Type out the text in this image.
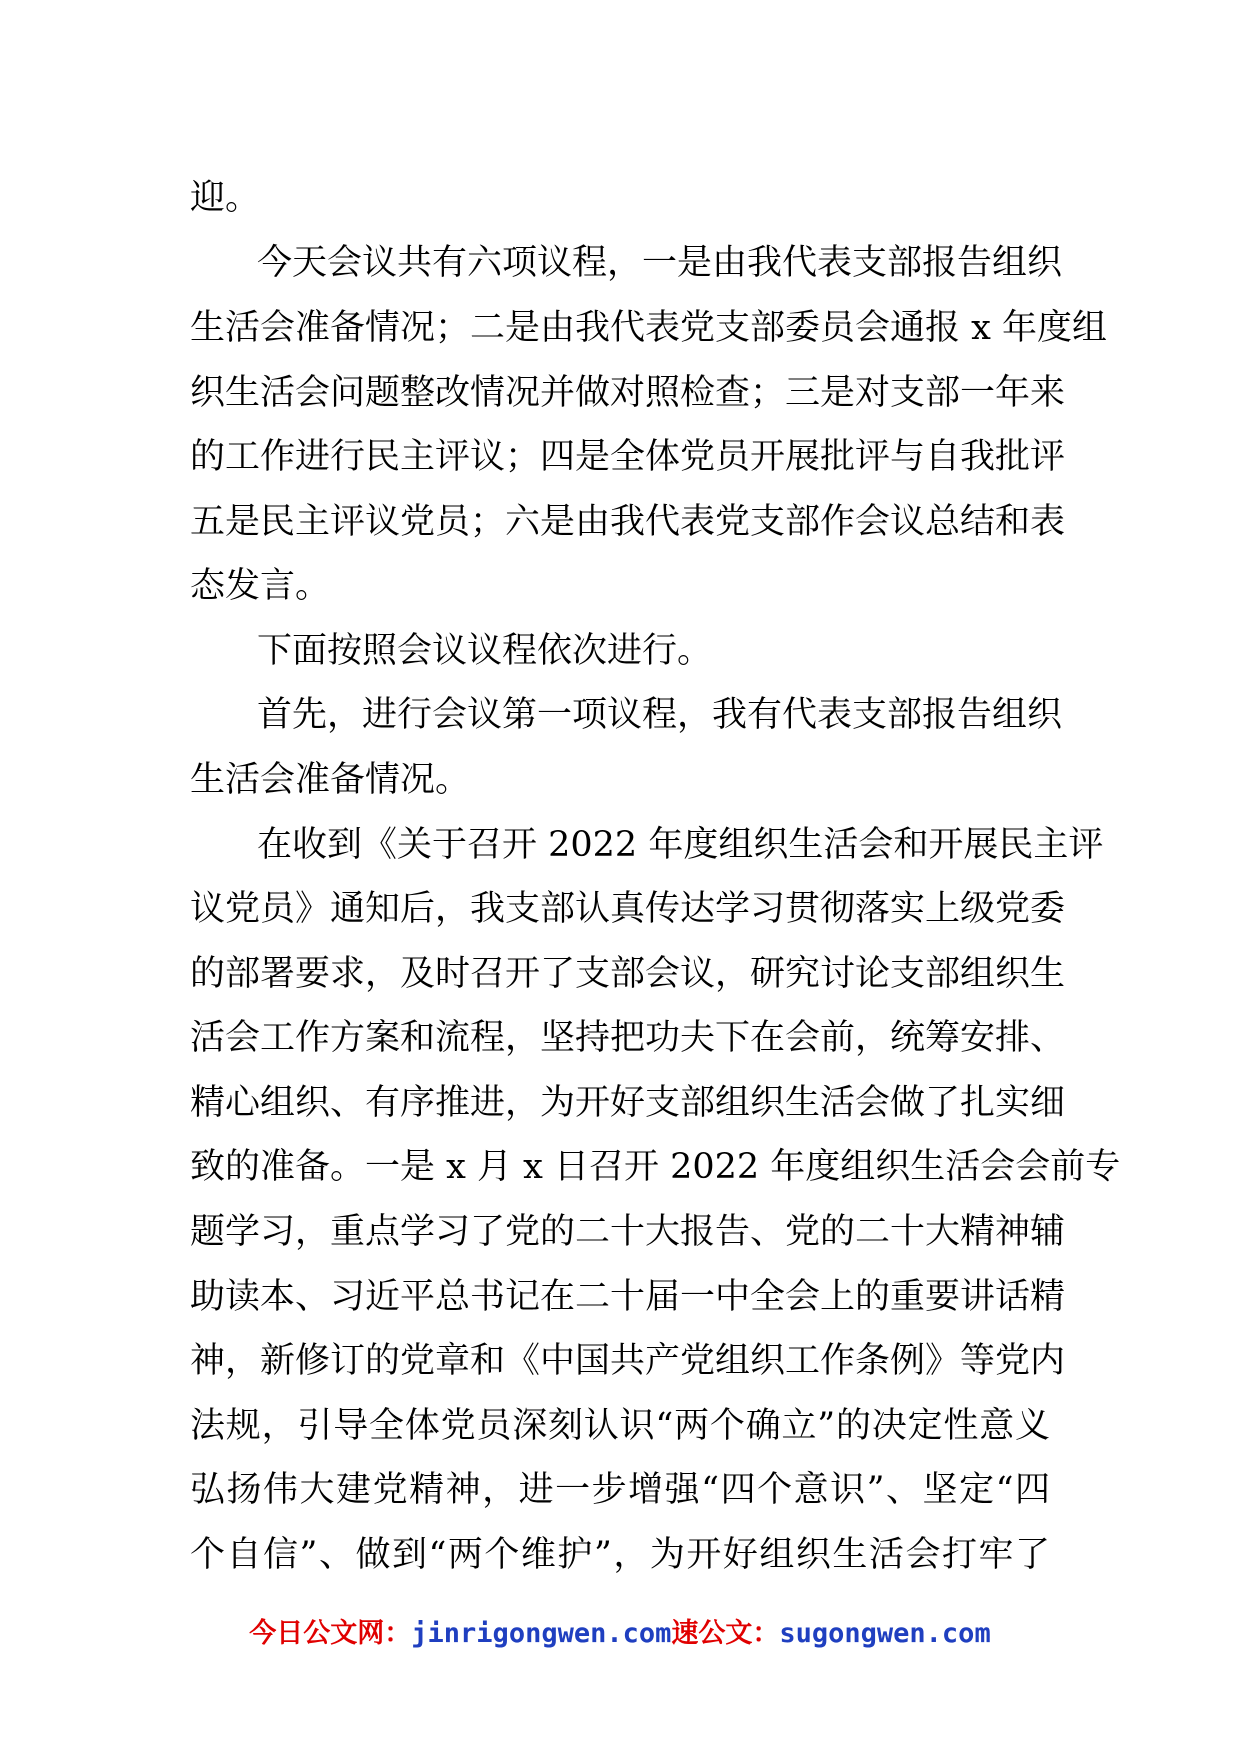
迎。
今天会议共有六项议程，一是由我代表支部报告组织
生活会准备情况；二是由我代表党支部委员会通报 x 年度组
织生活会问题整改情况并做对照检查；三是对支部一年来
的工作进行民主评议；四是全体党员开展批评与自我批评
五是民主评议党员；六是由我代表党支部作会议总结和表
态发言。
下面按照会议议程依次进行。
首先，进行会议第一项议程，我有代表支部报告组织
生活会准备情况。
在收到《关于召开 2022 年度组织生活会和开展民主评
议党员》通知后，我支部认真传达学习贯彻落实上级党委
的部署要求，及时召开了支部会议，研究讨论支部组织生
活会工作方案和流程，坚持把功夫下在会前，统筹安排、
精心组织、有序推进，为开好支部组织生活会做了扎实细
致的准备。一是 x 月 x 日召开 2022 年度组织生活会会前专
题学习，重点学习了党的二十大报告、党的二十大精神辅
助读本、习近平总书记在二十届一中全会上的重要讲话精
神，新修订的党章和《中国共产党组织工作条例》等党内
法规，引导全体党员深刻认识“两个确立”的决定性意义
弘扬伟大建党精神，进一步增强“四个意识”、坚定“四
个自信”、做到“两个维护”，为开好组织生活会打牢了
今日公文网：jinrigongwen.com速公文：sugongwen.com
